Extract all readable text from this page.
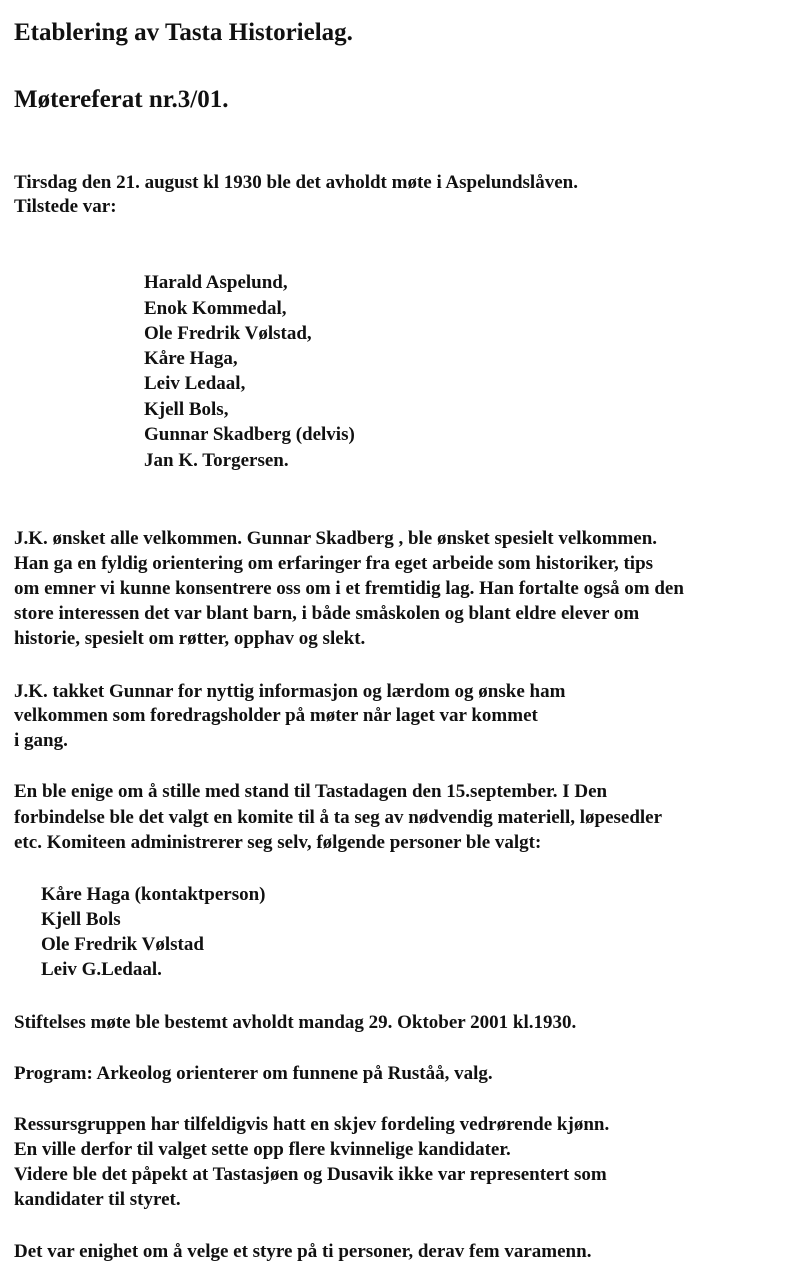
Etablering av Tasta Historielag.
Møtereferat nr.3/01.
Tirsdag den 21. august kl 1930 ble det avholdt møte i Aspelundslåven.
Tilstede var:
Harald Aspelund,
Enok Kommedal,
Ole Fredrik Vølstad,
Kåre Haga,
Leiv Ledaal,
Kjell Bols,
Gunnar Skadberg (delvis)
Jan K. Torgersen.
J.K. ønsket alle velkommen. Gunnar Skadberg , ble ønsket spesielt velkommen.
Han ga en fyldig orientering om erfaringer fra eget arbeide som historiker, tips
om emner vi kunne konsentrere oss om i et fremtidig lag. Han fortalte også om den
store interessen det var blant barn, i både småskolen og blant eldre elever om
historie, spesielt om røtter, opphav og slekt.
J.K. takket Gunnar for nyttig informasjon og lærdom og ønske ham
velkommen som foredragsholder på møter når laget var kommet
i gang.
En ble enige om å stille med stand til Tastadagen den 15.september. I Den
forbindelse ble det valgt en komite til å ta seg av nødvendig materiell, løpesedler
etc. Komiteen administrerer seg selv, følgende personer ble valgt:
Kåre Haga (kontaktperson)
Kjell Bols
Ole Fredrik Vølstad
Leiv G.Ledaal.
Stiftelses møte ble bestemt avholdt mandag 29. Oktober 2001 kl.1930.
Program: Arkeolog orienterer om funnene på Ruståå, valg.
Ressursgruppen har tilfeldigvis hatt en skjev fordeling vedrørende kjønn.
En ville derfor til valget sette opp flere kvinnelige kandidater.
Videre ble det påpekt at Tastasjøen og Dusavik ikke var representert som
kandidater til styret.
Det var enighet om å velge et styre på ti personer, derav fem varamenn.
